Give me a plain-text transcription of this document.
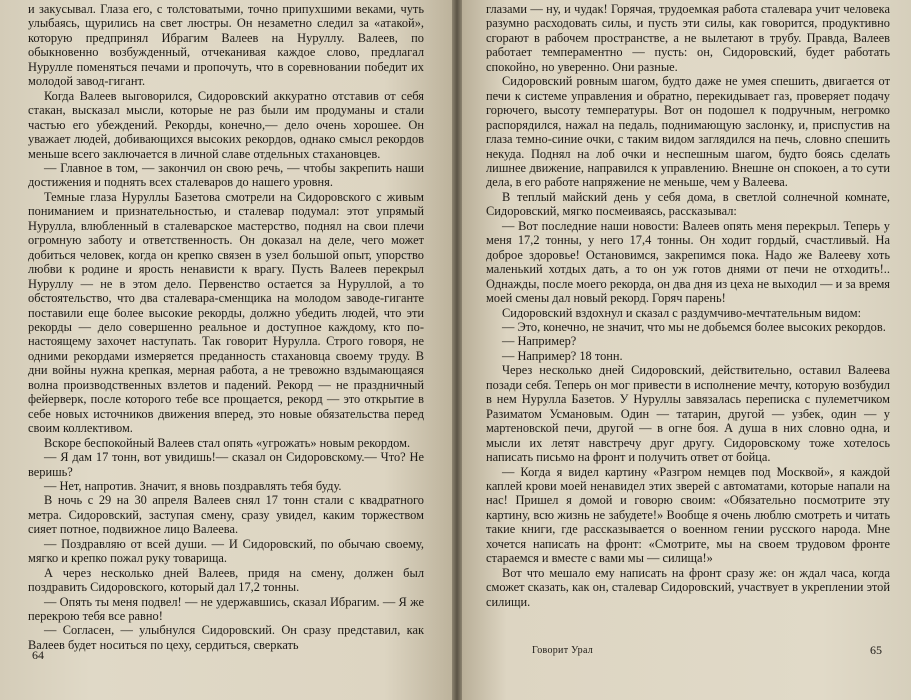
и закусывал. Глаза его, с толстоватыми, точно припухшими веками, чуть улыбаясь, щурились на свет люстры. Он незаметно следил за «атакой», которую предпринял Ибрагим Валеев на Нуруллу. Валеев, по обыкновенно возбужденный, отчеканивая каждое слово, предлагал Нурулле поменяться печами и пропочуть, что в соревновании победит их молодой завод-гигант.

Когда Валеев выговорился, Сидоровский аккуратно отставив от себя стакан, высказал мысли, которые не раз были им продуманы и стали частью его убеждений. Рекорды, конечно,— дело очень хорошее. Он уважает людей, добивающихся высоких рекордов, однако смысл рекордов меньше всего заключается в личной славе отдельных стахановцев.

— Главное в том, — закончил он свою речь, — чтобы закрепить наши достижения и поднять всех сталеваров до нашего уровня.

Темные глаза Нуруллы Базетова смотрели на Сидоровского с живым пониманием и признательностью, и сталевар подумал: этот упрямый Нурулла, влюбленный в сталеварское мастерство, поднял на свои плечи огромную заботу и ответственность. Он доказал на деле, чего может добиться человек, когда он крепко связен в узел большой опыт, упорство любви к родине и ярость ненависти к врагу. Пусть Валеев перекрыл Нуруллу — не в этом дело. Первенство остается за Нуруллой, а то обстоятельство, что два сталевара-сменщика на молодом заводе-гиганте поставили еще более высокие рекорды, должно убедить людей, что эти рекорды — дело совершенно реальное и доступное каждому, кто по-настоящему захочет наступать. Так говорит Нурулла. Строго говоря, не одними рекордами измеряется преданность стахановца своему труду. В дни войны нужна крепкая, мерная работа, а не тревожно вздымающаяся волна производственных взлетов и падений. Рекорд — не праздничный фейерверк, после которого тебе все прощается, рекорд — это открытие в себе новых источников движения вперед, это новые обязательства перед своим коллективом.

Вскоре беспокойный Валеев стал опять «угрожать» новым рекордом.

— Я дам 17 тонн, вот увидишь!— сказал он Сидоровскому.— Что? Не веришь?

— Нет, напротив. Значит, я вновь поздравлять тебя буду.

В ночь с 29 на 30 апреля Валеев снял 17 тонн стали с квадратного метра. Сидоровский, заступая смену, сразу увидел, каким торжеством сияет потное, подвижное лицо Валеева.

— Поздравляю от всей души. — И Сидоровский, по обычаю своему, мягко и крепко пожал руку товарища.

А через несколько дней Валеев, придя на смену, должен был поздравить Сидоровского, который дал 17,2 тонны.

— Опять ты меня подвел! — не удержавшись, сказал Ибрагим. — Я же перекрою тебя все равно!

— Согласен, — улыбнулся Сидоровский. Он сразу представил, как Валеев будет носиться по цеху, сердиться, сверкать

64

глазами — ну, и чудак! Горячая, трудоемкая работа сталевара учит человека разумно расходовать силы, и пусть эти силы, как говорится, продуктивно сгорают в рабочем пространстве, а не вылетают в трубу. Правда, Валеев работает темпераментно — пусть: он, Сидоровский, будет работать спокойно, но уверенно. Они разные.

Сидоровский ровным шагом, будто даже не умея спешить, двигается от печи к системе управления и обратно, перекидывает газ, проверяет подачу горючего, высоту температуры. Вот он подошел к подручным, негромко распорядился, нажал на педаль, поднимающую заслонку, и, приспустив на глаза темно-синие очки, с таким видом заглядился на печь, словно спешить некуда. Поднял на лоб очки и неспешным шагом, будто боясь сделать лишнее движение, направился к управлению. Внешне он спокоен, а то сути дела, в его работе напряжение не меньше, чем у Валеева.

В теплый майский день у себя дома, в светлой солнечной комнате, Сидоровский, мягко посмеиваясь, рассказывал:

— Вот последние наши новости: Валеев опять меня перекрыл. Теперь у меня 17,2 тонны, у него 17,4 тонны. Он ходит гордый, счастливый. На доброе здоровье! Остановимся, закрепимся пока. Надо же Валееву хоть маленький хотдых дать, а то он уж готов днями от печи не отходить!.. Однажды, после моего рекорда, он два дня из цеха не выходил — и за время моей смены дал новый рекорд. Горяч парень!

Сидоровский вздохнул и сказал с раздумчиво-мечтательным видом:

— Это, конечно, не значит, что мы не добьемся более высоких рекордов.

— Например?

— Например? 18 тонн.

Через несколько дней Сидоровский, действительно, оставил Валеева позади себя. Теперь он мог привести в исполнение мечту, которую возбудил в нем Нурулла Базетов. У Нуруллы завязалась переписка с пулеметчиком Разиматом Усмановым. Один — татарин, другой — узбек, один — у мартеновской печи, другой — в огне боя. А душа в них словно одна, и мысли их летят навстречу друг другу. Сидоровскому тоже хотелось написать письмо на фронт и получить ответ от бойца.

— Когда я видел картину «Разгром немцев под Москвой», я каждой каплей крови моей ненавидел этих зверей с автоматами, которые напали на нас! Пришел я домой и говорю своим: «Обязательно посмотрите эту картину, всю жизнь не забудете!» Вообще я очень люблю смотреть и читать такие книги, где рассказывается о военном гении русского народа. Мне хочется написать на фронт: «Смотрите, мы на своем трудовом фронте стараемся и вместе с вами мы — силища!»

Вот что мешало ему написать на фронт сразу же: он ждал часа, когда сможет сказать, как он, сталевар Сидоровский, участвует в укреплении этой силищи.

Говорит Урал	65
